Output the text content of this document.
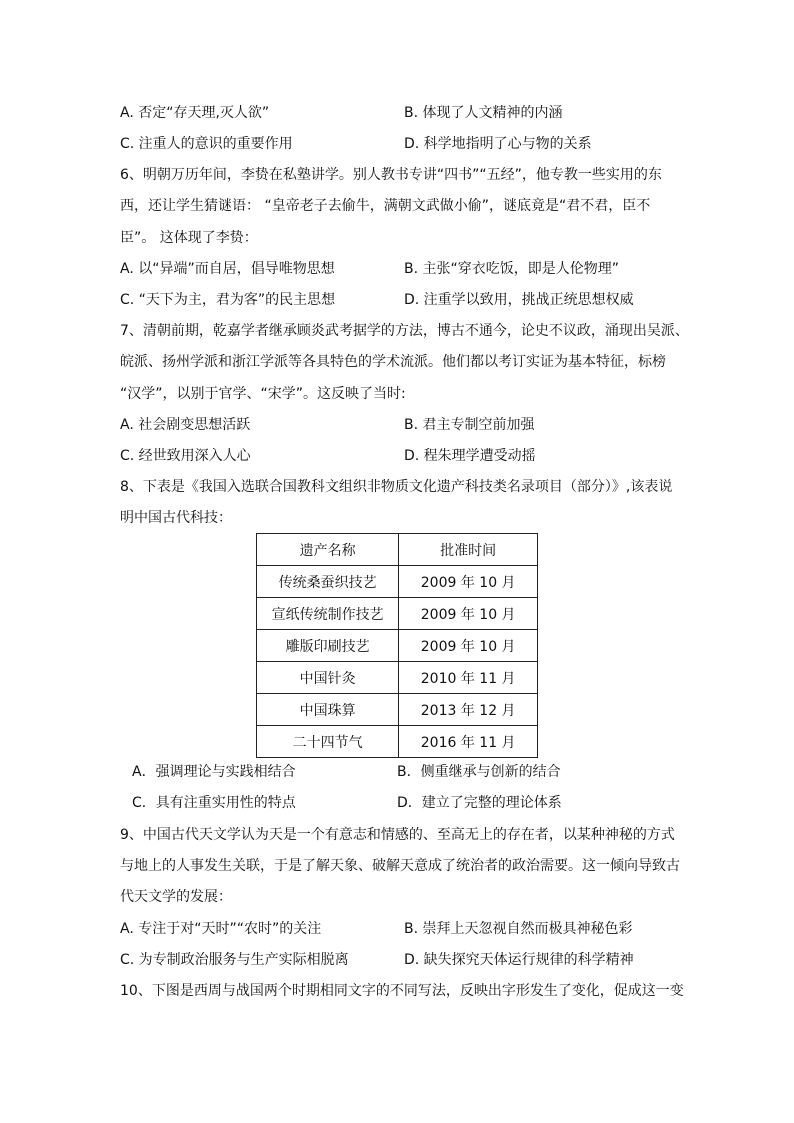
A. 否定“存天理,灭人欲”	B. 体现了人文精神的内涵
C. 注重人的意识的重要作用	D. 科学地指明了心与物的关系
6、明朝万历年间，李贽在私塾讲学。别人教书专讲“四书”“五经”，他专教一些实用的东
西，还让学生猜谜语： “皇帝老子去偷牛，满朝文武做小偷”，谜底竟是“君不君，臣不
臣”。 这体现了李贽：
A. 以“异端”而自居，倡导唯物思想	B. 主张“穿衣吃饭，即是人伦物理”
C. “天下为主，君为客”的民主思想	D. 注重学以致用，挑战正统思想权威
7、清朝前期，乾嘉学者继承顾炎武考据学的方法，博古不通今，论史不议政，涌现出吴派、
皖派、扬州学派和浙江学派等各具特色的学术流派。他们都以考订实证为基本特征，标榜
“汉学”，以别于官学、“宋学”。这反映了当时:
A. 社会剧变思想活跃	B. 君主专制空前加强
C. 经世致用深入人心	D. 程朱理学遭受动摇
8、下表是《我国入选联合国教科文组织非物质文化遗产科技类名录项目（部分）》,该表说
明中国古代科技：
遗产名称	批准时间
传统桑蚕织技艺	2009 年 10 月
宣纸传统制作技艺	2009 年 10 月
雕版印刷技艺	2009 年 10 月
中国针灸	2010 年 11 月
中国珠算	2013 年 12 月
二十四节气	2016 年 11 月
A．强调理论与实践相结合	B．侧重继承与创新的结合
C．具有注重实用性的特点	D．建立了完整的理论体系
9、中国古代天文学认为天是一个有意志和情感的、至高无上的存在者，以某种神秘的方式
与地上的人事发生关联，于是了解天象、破解天意成了统治者的政治需要。这一倾向导致古
代天文学的发展：
A. 专注于对“天时”“农时”的关注	B. 崇拜上天忽视自然而极具神秘色彩
C. 为专制政治服务与生产实际相脱离	D. 缺失探究天体运行规律的科学精神
10、下图是西周与战国两个时期相同文字的不同写法，反映出字形发生了变化，促成这一变
